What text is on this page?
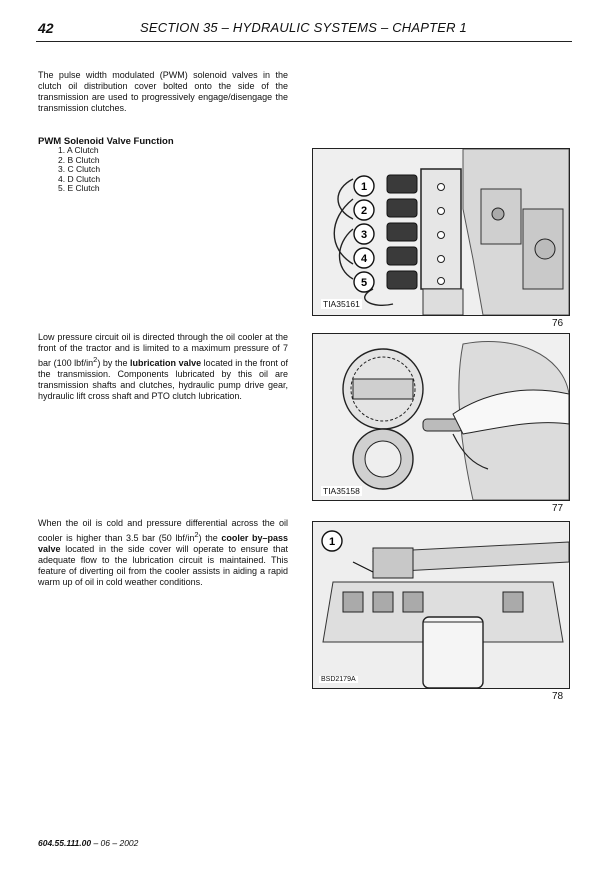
42	SECTION 35 – HYDRAULIC SYSTEMS – CHAPTER 1
The pulse width modulated (PWM) solenoid valves in the clutch oil distribution cover bolted onto the side of the transmission are used to progressively engage/disengage the transmission clutches.
PWM Solenoid Valve Function
1. A Clutch
2. B Clutch
3. C Clutch
4. D Clutch
5. E Clutch
Low pressure circuit oil is directed through the oil cooler at the front of the tractor and is limited to a maximum pressure of 7 bar (100 lbf/$in^2$) by the lubrication valve located in the front of the transmission. Components lubricated by this oil are transmission shafts and clutches, hydraulic pump drive gear, hydraulic lift cross shaft and PTO clutch lubrication.
When the oil is cold and pressure differential across the oil cooler is higher than 3.5 bar (50 lbf/$in^2$) the cooler by–pass valve located in the side cover will operate to ensure that adequate flow to the lubrication circuit is maintained. This feature of diverting oil from the cooler assists in aiding a rapid warm up of oil in cold weather conditions.
1
2
3
4
5
TIA35161
76
TIA35158
77
1
BSD2179A
78
604.55.111.00 – 06 – 2002
